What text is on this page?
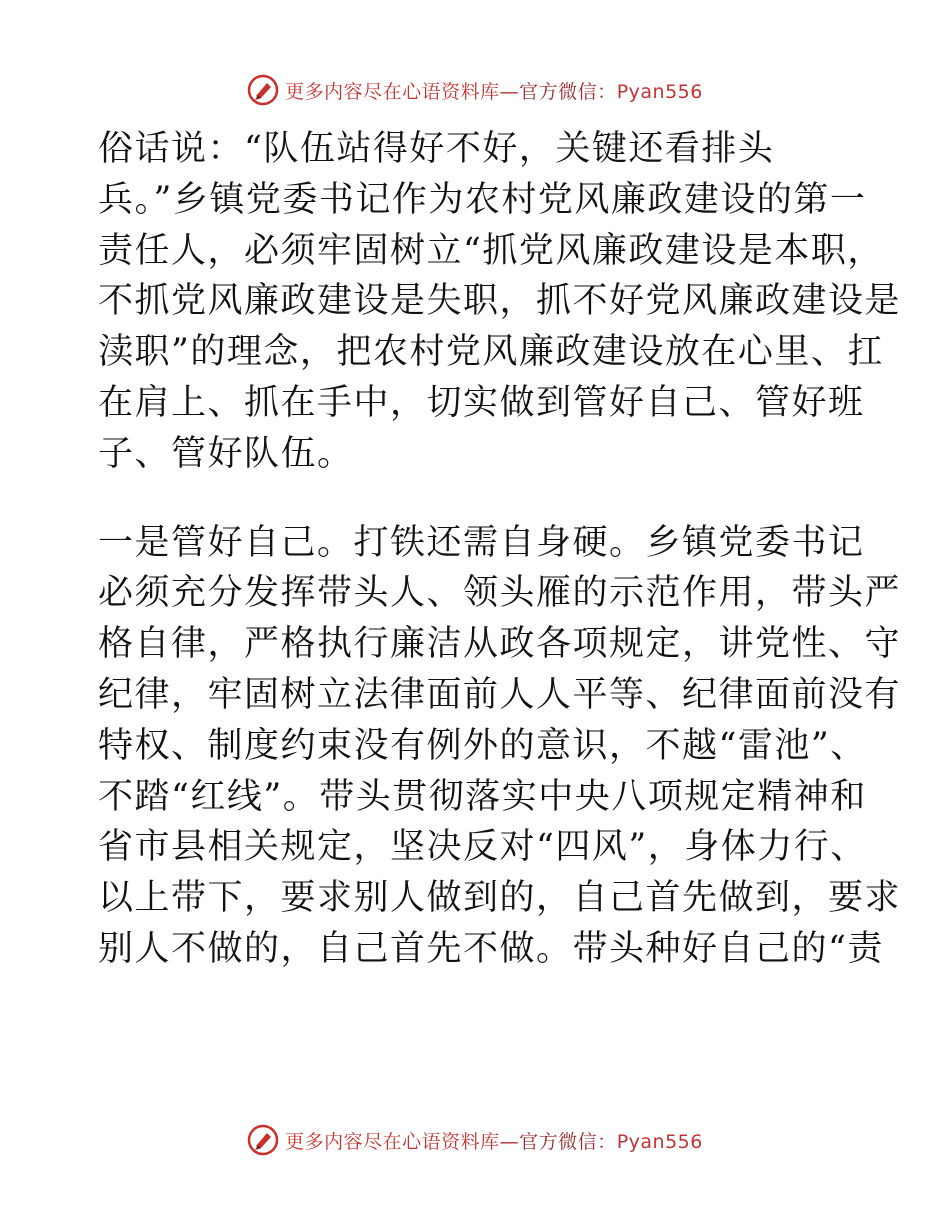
更多内容尽在心语资料库—官方微信：Pyan556
俗话说：“队伍站得好不好，关键还看排头
兵。”乡镇党委书记作为农村党风廉政建设的第一
责任人，必须牢固树立“抓党风廉政建设是本职，
不抓党风廉政建设是失职，抓不好党风廉政建设是
渎职”的理念，把农村党风廉政建设放在心里、扛
在肩上、抓在手中，切实做到管好自己、管好班
子、管好队伍。
一是管好自己。打铁还需自身硬。乡镇党委书记
必须充分发挥带头人、领头雁的示范作用，带头严
格自律，严格执行廉洁从政各项规定，讲党性、守
纪律，牢固树立法律面前人人平等、纪律面前没有
特权、制度约束没有例外的意识，不越“雷池”、
不踏“红线”。带头贯彻落实中央八项规定精神和
省市县相关规定，坚决反对“四风”，身体力行、
以上带下，要求别人做到的，自己首先做到，要求
别人不做的，自己首先不做。带头种好自己的“责
更多内容尽在心语资料库—官方微信：Pyan556
